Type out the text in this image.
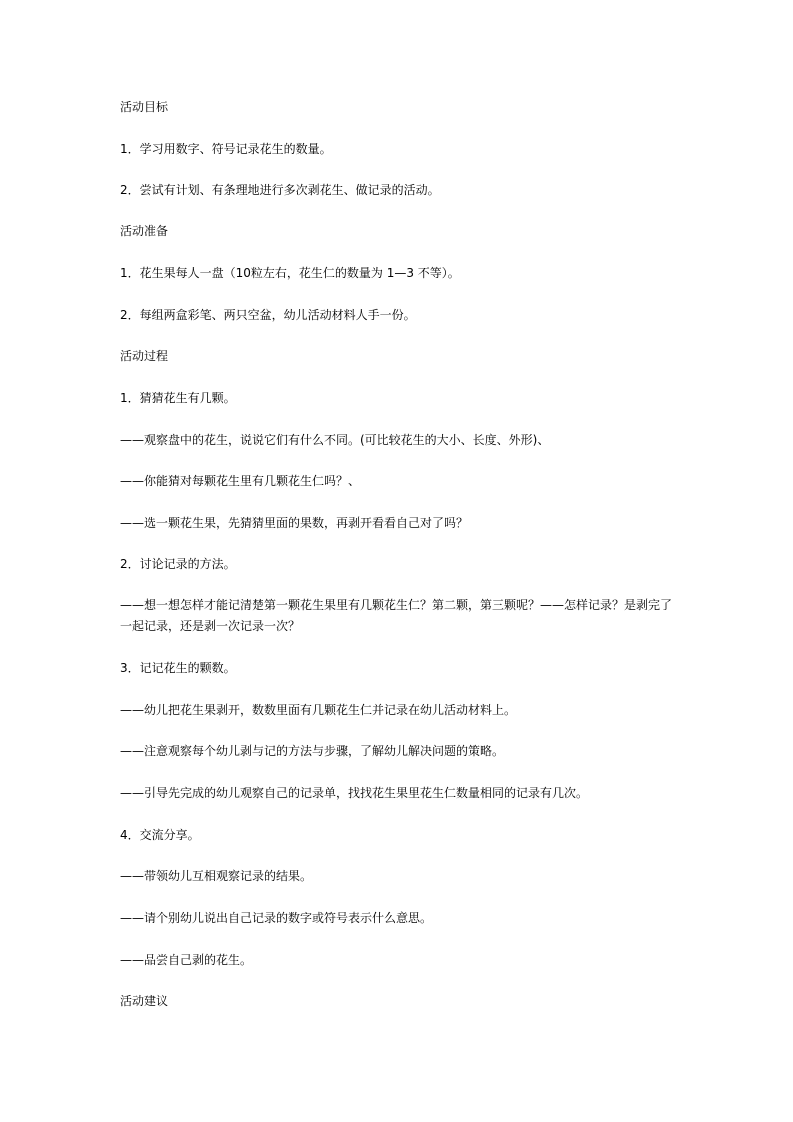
活动目标
1．学习用数字、符号记录花生的数量。
2．尝试有计划、有条理地进行多次剥花生、做记录的活动。
活动准备
1．花生果每人一盘（10粒左右，花生仁的数量为 1—3 不等）。
2．每组两盒彩笔、两只空盆，幼儿活动材料人手一份。
活动过程
1．猜猜花生有几颗。
——观察盘中的花生，说说它们有什么不同。(可比较花生的大小、长度、外形)、
——你能猜对每颗花生里有几颗花生仁吗？、
——选一颗花生果，先猜猜里面的果数，再剥开看看自己对了吗？
2．讨论记录的方法。
——想一想怎样才能记清楚第一颗花生果里有几颗花生仁？第二颗，第三颗呢？——怎样记录？是剥完了一起记录，还是剥一次记录一次？
3．记记花生的颗数。
——幼儿把花生果剥开，数数里面有几颗花生仁并记录在幼儿活动材料上。
——注意观察每个幼儿剥与记的方法与步骤，了解幼儿解决问题的策略。
——引导先完成的幼儿观察自己的记录单，找找花生果里花生仁数量相同的记录有几次。
4．交流分享。
——带领幼儿互相观察记录的结果。
——请个别幼儿说出自己记录的数字或符号表示什么意思。
——品尝自己剥的花生。
活动建议
